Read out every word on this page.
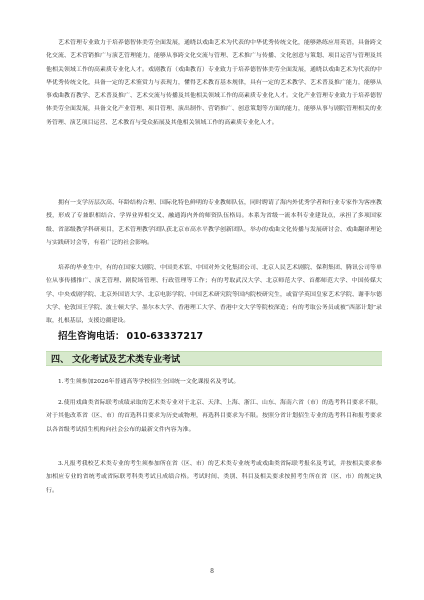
艺术管理专业致力于培养德智体美劳全面发展，通晓以戏曲艺术为代表的中华优秀传统文化，能够熟练应用英语，具备跨文化交流、艺术营销推广与演艺管理能力，能够从事跨文化交流与管理、艺术推广与传播、文化创意与策划、项目运营与管理及其他相关领域工作的高素质专业化人才。戏剧教育（戏曲教育）专业致力于培养德智体美劳全面发展，通晓以戏曲艺术为代表的中华优秀传统文化，具备一定的艺术鉴赏力与表现力，懂得艺术教育基本规律，具有一定的艺术教学、艺术普及推广能力，能够从事戏曲教育教学、艺术普及推广、艺术交流与传播及其他相关领域工作的高素质专业化人才。文化产业管理专业致力于培养德智体美劳全面发展，具备文化产业管理、项目管理、演出制作、营销推广、创意策划等方面的能力，能够从事与剧院管理相关的业务管理、演艺项目运营、艺术教育与受众拓展及其他相关领域工作的高素质专业化人才。

拥有一支学历层次高、年龄结构合理、国际化特色鲜明的专业教师队伍，同时聘请了海内外优秀学者和行业专家作为客座教授，形成了专兼职相结合、学界业界相交叉、融通海内外的师资队伍格局。本系为省级一流本科专业建设点，承担了多项国家级、省部级教学科研项目，艺术管理教学团队获北京市高水平教学创新团队，举办的戏曲文化传播与发展研讨会、戏曲翻译理论与实践研讨会等，有着广泛的社会影响。

培养的毕业生中，有的在国家大剧院、中国美术馆、中国对外文化集团公司、北京人民艺术剧院、保利集团、腾讯公司等单位从事传播推广、演艺管理、剧院场管理、行政管理等工作；有的考取武汉大学、北京师范大学、首都师范大学、中国传媒大学、中央戏剧学院、北京外国语大学、北京电影学院、中国艺术研究院等国内院校研究生，或留学英国皇家艺术学院、谢菲尔德大学、伦敦国王学院、波士顿大学、墨尔本大学、香港理工大学、香港中文大学等院校深造；有的考取公务员或被“西部计划”录取，扎根基层，支援边疆建设。

招生咨询电话： 010-63337217
四、 文化考试及艺术类专业考试

1.考生须参加2026年普通高等学校招生全国统一文化课报名及考试。

2.使用戏曲类省际联考成绩录取的艺术类专业对于北京、天津、上海、浙江、山东、海南六省（市）的选考科目要求不限，对于其他改革省（区、市）的首选科目要求为历史或物理，再选科目要求为不限。按照分省计划招生专业的选考科目和报考要求以各省级考试招生机构向社会公布的最新文件内容为准。

3.凡报考我校艺术类专业的考生须参加所在省（区、市）的艺术类专业统考或戏曲类省际联考报名及考试，并按相关要求参加相应专业的省统考或省际联考科类考试且成绩合格。考试时间、类别、科目及相关要求按照考生所在省（区、市）的规定执行。

8
